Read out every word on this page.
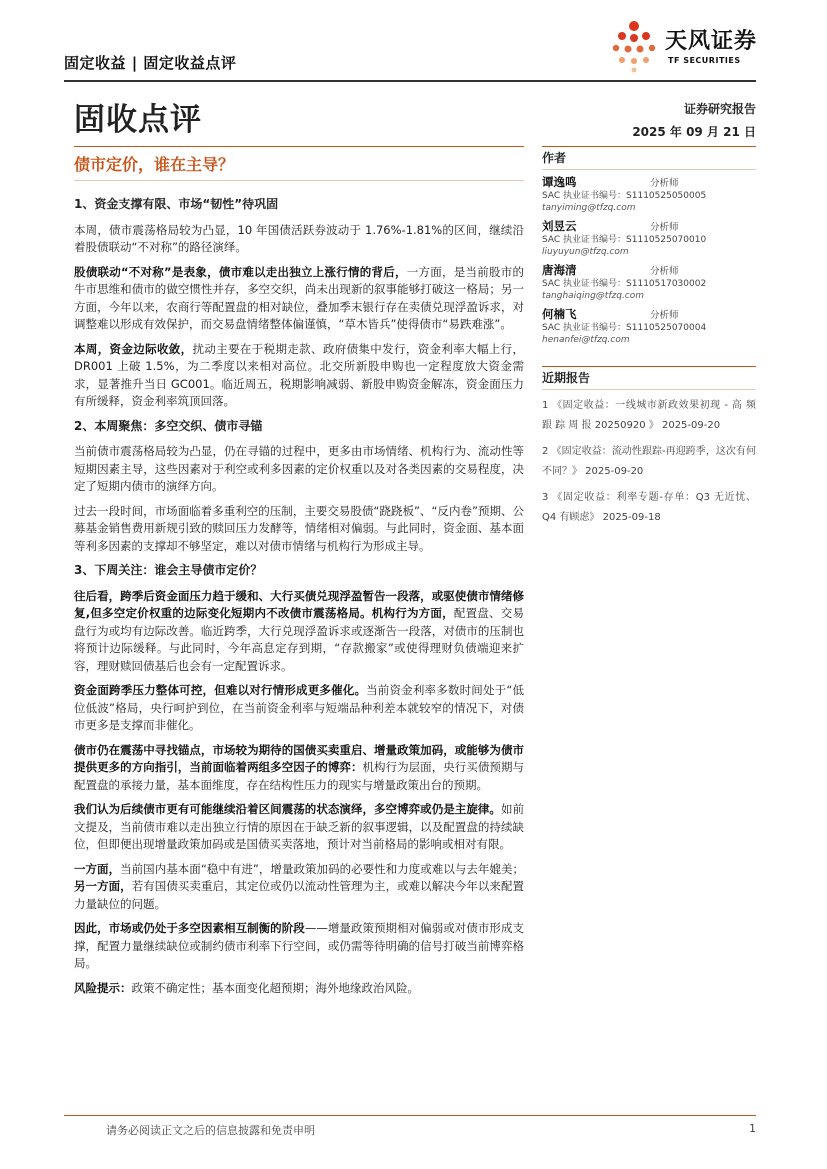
固定收益 | 固定收益点评
天风证券
TF SECURITIES
固收点评	证券研究报告
2025 年 09 月 21 日
债市定价，谁在主导？
1、资金支撑有限、市场“韧性”待巩固

本周，债市震荡格局较为凸显，10 年国债活跃券波动于 1.76%-1.81%的区间，继续沿着股债联动“不对称”的路径演绎。

股债联动“不对称”是表象，债市难以走出独立上涨行情的背后，一方面，是当前股市的牛市思维和债市的做空惯性并存，多空交织，尚未出现新的叙事能够打破这一格局；另一方面，今年以来，农商行等配置盘的相对缺位，叠加季末银行存在卖债兑现浮盈诉求，对调整难以形成有效保护，而交易盘情绪整体偏谨慎，“草木皆兵”使得债市“易跌难涨”。

本周，资金边际收敛，扰动主要在于税期走款、政府债集中发行，资金利率大幅上行，DR001 上破 1.5%，为二季度以来相对高位。北交所新股申购也一定程度放大资金需求，显著推升当日 GC001。临近周五，税期影响减弱、新股申购资金解冻，资金面压力有所缓释，资金利率筑顶回落。

2、本周聚焦：多空交织、债市寻锚

当前债市震荡格局较为凸显，仍在寻锚的过程中，更多由市场情绪、机构行为、流动性等短期因素主导，这些因素对于利空或利多因素的定价权重以及对各类因素的交易程度，决定了短期内债市的演绎方向。

过去一段时间，市场面临着多重利空的压制，主要交易股债“跷跷板”、“反内卷”预期、公募基金销售费用新规引致的赎回压力发酵等，情绪相对偏弱。与此同时，资金面、基本面等利多因素的支撑却不够坚定，难以对债市情绪与机构行为形成主导。

3、下周关注：谁会主导债市定价？

往后看，跨季后资金面压力趋于缓和、大行买债兑现浮盈暂告一段落，或驱使债市情绪修复,但多空定价权重的边际变化短期内不改债市震荡格局。机构行为方面，配置盘、交易盘行为或均有边际改善。临近跨季，大行兑现浮盈诉求或逐渐告一段落，对债市的压制也将预计边际缓释。与此同时，今年高息定存到期，“存款搬家”或使得理财负债端迎来扩容，理财赎回债基后也会有一定配置诉求。

资金面跨季压力整体可控，但难以对行情形成更多催化。当前资金利率多数时间处于“低位低波”格局，央行呵护到位，在当前资金利率与短端品种利差本就较窄的情况下，对债市更多是支撑而非催化。

债市仍在震荡中寻找锚点，市场较为期待的国债买卖重启、增量政策加码，或能够为债市提供更多的方向指引，当前面临着两组多空因子的博弈：机构行为层面，央行买债预期与配置盘的承接力量，基本面维度，存在结构性压力的现实与增量政策出台的预期。

我们认为后续债市更有可能继续沿着区间震荡的状态演绎，多空博弈或仍是主旋律。如前文提及，当前债市难以走出独立行情的原因在于缺乏新的叙事逻辑，以及配置盘的持续缺位，但即便出现增量政策加码或是国债买卖落地，预计对当前格局的影响或相对有限。

一方面，当前国内基本面“稳中有进”，增量政策加码的必要性和力度或难以与去年媲美；另一方面，若有国债买卖重启，其定位或仍以流动性管理为主，或难以解决今年以来配置力量缺位的问题。

因此，市场或仍处于多空因素相互制衡的阶段——增量政策预期相对偏弱或对债市形成支撑，配置力量继续缺位或制约债市利率下行空间，或仍需等待明确的信号打破当前博弈格局。

风险提示：政策不确定性；基本面变化超预期；海外地缘政治风险。

作者
谭逸鸣	分析师
SAC 执业证书编号：S1110525050005
tanyiming@tfzq.com
刘昱云	分析师
SAC 执业证书编号：S1110525070010
liuyuyun@tfzq.com
唐海清	分析师
SAC 执业证书编号：S1110517030002
tanghaiqing@tfzq.com
何楠飞	分析师
SAC 执业证书编号：S1110525070004
henanfei@tfzq.com
近期报告
1 《固定收益：一线城市新政效果初现 - 高 频 跟 踪 周 报 20250920 》 2025-09-20
2 《固定收益：流动性跟踪-再迎跨季，这次有何不同？》 2025-09-20
3 《固定收益：利率专题-存单：Q3 无近忧、Q4 有顾虑》 2025-09-18
请务必阅读正文之后的信息披露和免责申明	1
